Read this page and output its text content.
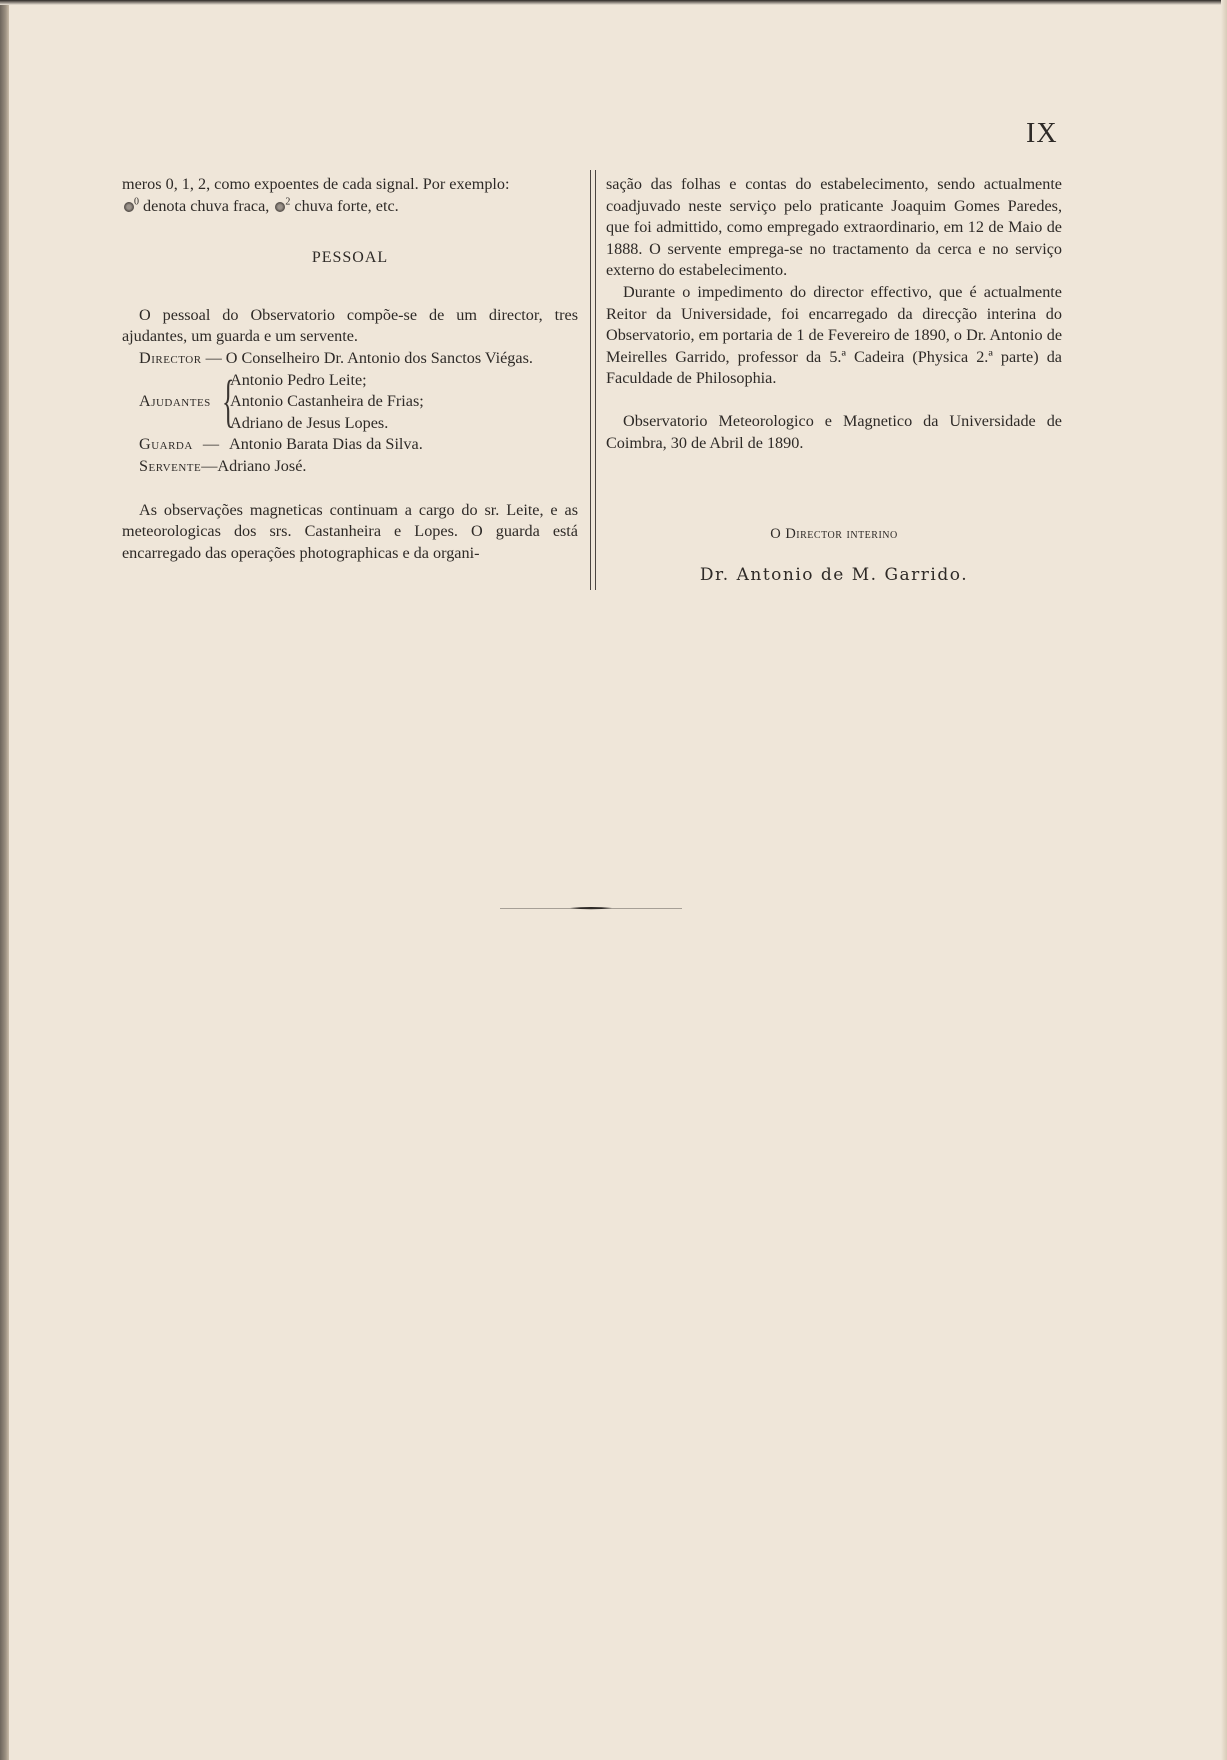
IX

meros 0, 1, 2, como expoentes de cada signal. Por exemplo:

$^0$ denota chuva fraca, $^2$ chuva forte, etc.

PESSOAL

O pessoal do Observatorio compõe-se de um director, tres ajudantes, um guarda e um servente.

Director — O Conselheiro Dr. Antonio dos Sanctos Viégas.
Ajudantes {
Antonio Pedro Leite;
Antonio Castanheira de Frias;
Adriano de Jesus Lopes.
Guarda — Antonio Barata Dias da Silva.
Servente—Adriano José.

As observações magneticas continuam a cargo do sr. Leite, e as meteorologicas dos srs. Castanheira e Lopes. O guarda está encarregado das operações photographicas e da organi-

sação das folhas e contas do estabelecimento, sendo actualmente coadjuvado neste serviço pelo praticante Joaquim Gomes Paredes, que foi admittido, como empregado extraordinario, em 12 de Maio de 1888. O servente emprega-se no tractamento da cerca e no serviço externo do estabelecimento.

Durante o impedimento do director effectivo, que é actualmente Reitor da Universidade, foi encarregado da direcção interina do Observatorio, em portaria de 1 de Fevereiro de 1890, o Dr. Antonio de Meirelles Garrido, professor da 5.ª Cadeira (Physica 2.ª parte) da Faculdade de Philosophia.

Observatorio Meteorologico e Magnetico da Universidade de Coimbra, 30 de Abril de 1890.

O Director interino
Dr. Antonio de M. Garrido.
